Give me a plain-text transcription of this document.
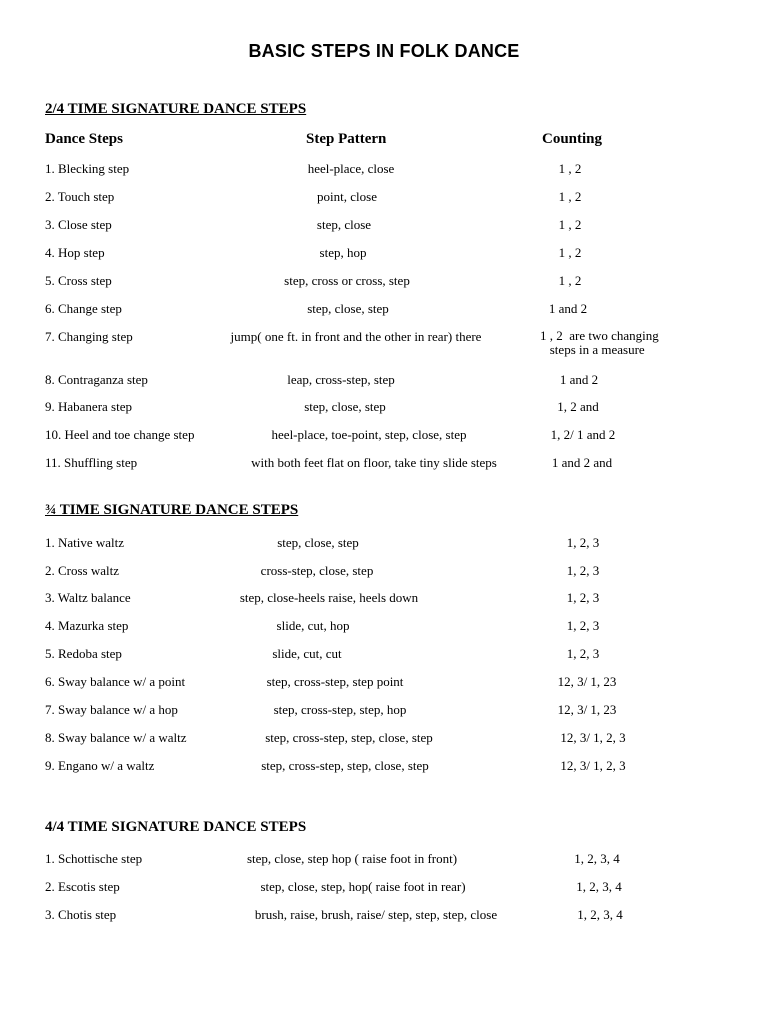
BASIC STEPS IN FOLK DANCE
2/4 TIME SIGNATURE DANCE STEPS
Dance Steps	Step Pattern	Counting
1. Blecking step	heel-place, close	1 , 2
2. Touch step	point, close	1 , 2
3. Close step	step, close	1 , 2
4. Hop step	step, hop	1 , 2
5. Cross step	step, cross or cross, step	1 , 2
6. Change step	step, close, step	1 and 2
7. Changing step	jump( one ft. in front and the other in rear) there	1 , 2  are two changing
steps in a measure
8. Contraganza step	leap, cross-step, step	1 and 2
9. Habanera step	step, close, step	1, 2 and
10. Heel and toe change step	heel-place, toe-point, step, close, step	1, 2/ 1 and 2
11. Shuffling step	with both feet flat on floor, take tiny slide steps	1 and 2 and
¾ TIME SIGNATURE DANCE STEPS
1. Native waltz	step, close, step	1, 2, 3
2. Cross waltz	cross-step, close, step	1, 2, 3
3. Waltz balance	step, close-heels raise, heels down	1, 2, 3
4. Mazurka step	slide, cut, hop	1, 2, 3
5. Redoba step	slide, cut, cut	1, 2, 3
6. Sway balance w/ a point	step, cross-step, step point	12, 3/ 1, 23
7. Sway balance w/ a hop	step, cross-step, step, hop	12, 3/ 1, 23
8. Sway balance w/ a waltz	step, cross-step, step, close, step	12, 3/ 1, 2, 3
9. Engano w/ a waltz	step, cross-step, step, close, step	12, 3/ 1, 2, 3
4/4 TIME SIGNATURE DANCE STEPS
1. Schottische step	step, close, step hop ( raise foot in front)	1, 2, 3, 4
2. Escotis step	step, close, step, hop( raise foot in rear)	1, 2, 3, 4
3. Chotis step	brush, raise, brush, raise/ step, step, step, close	1, 2, 3, 4
